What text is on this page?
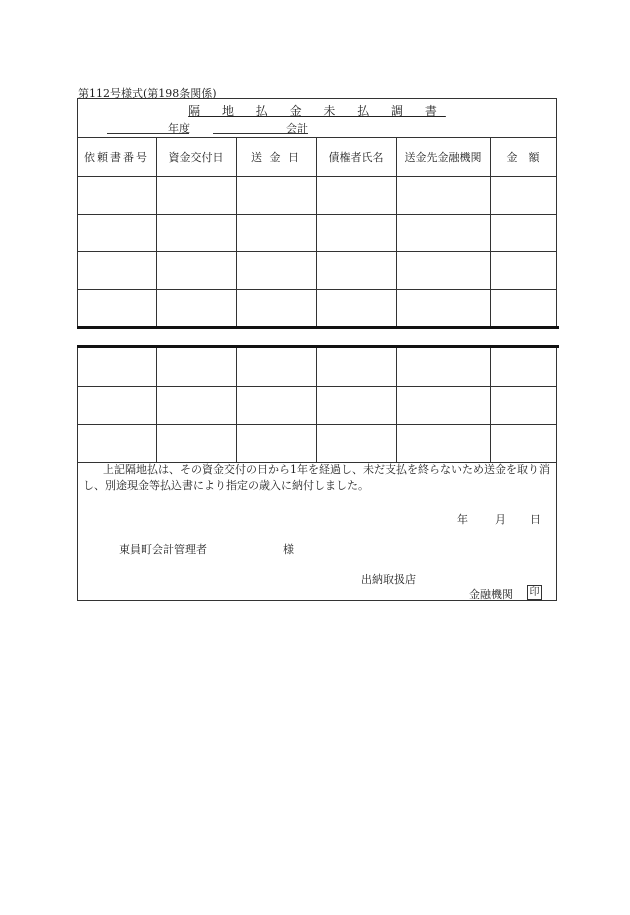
第112号様式(第198条関係)
隔 地 払 金 未 払 調 書
年度	会計
依頼書番号	資金交付日	送 金 日	債権者氏名	送金先金融機関	金　額
上記隔地払は、その資金交付の日から1年を経過し、未だ支払を終らないため送金を取り消し、別途現金等払込書により指定の歳入に納付しました。
年 月 日
東員町会計管理者	様
出納取扱店
金融機関 印
